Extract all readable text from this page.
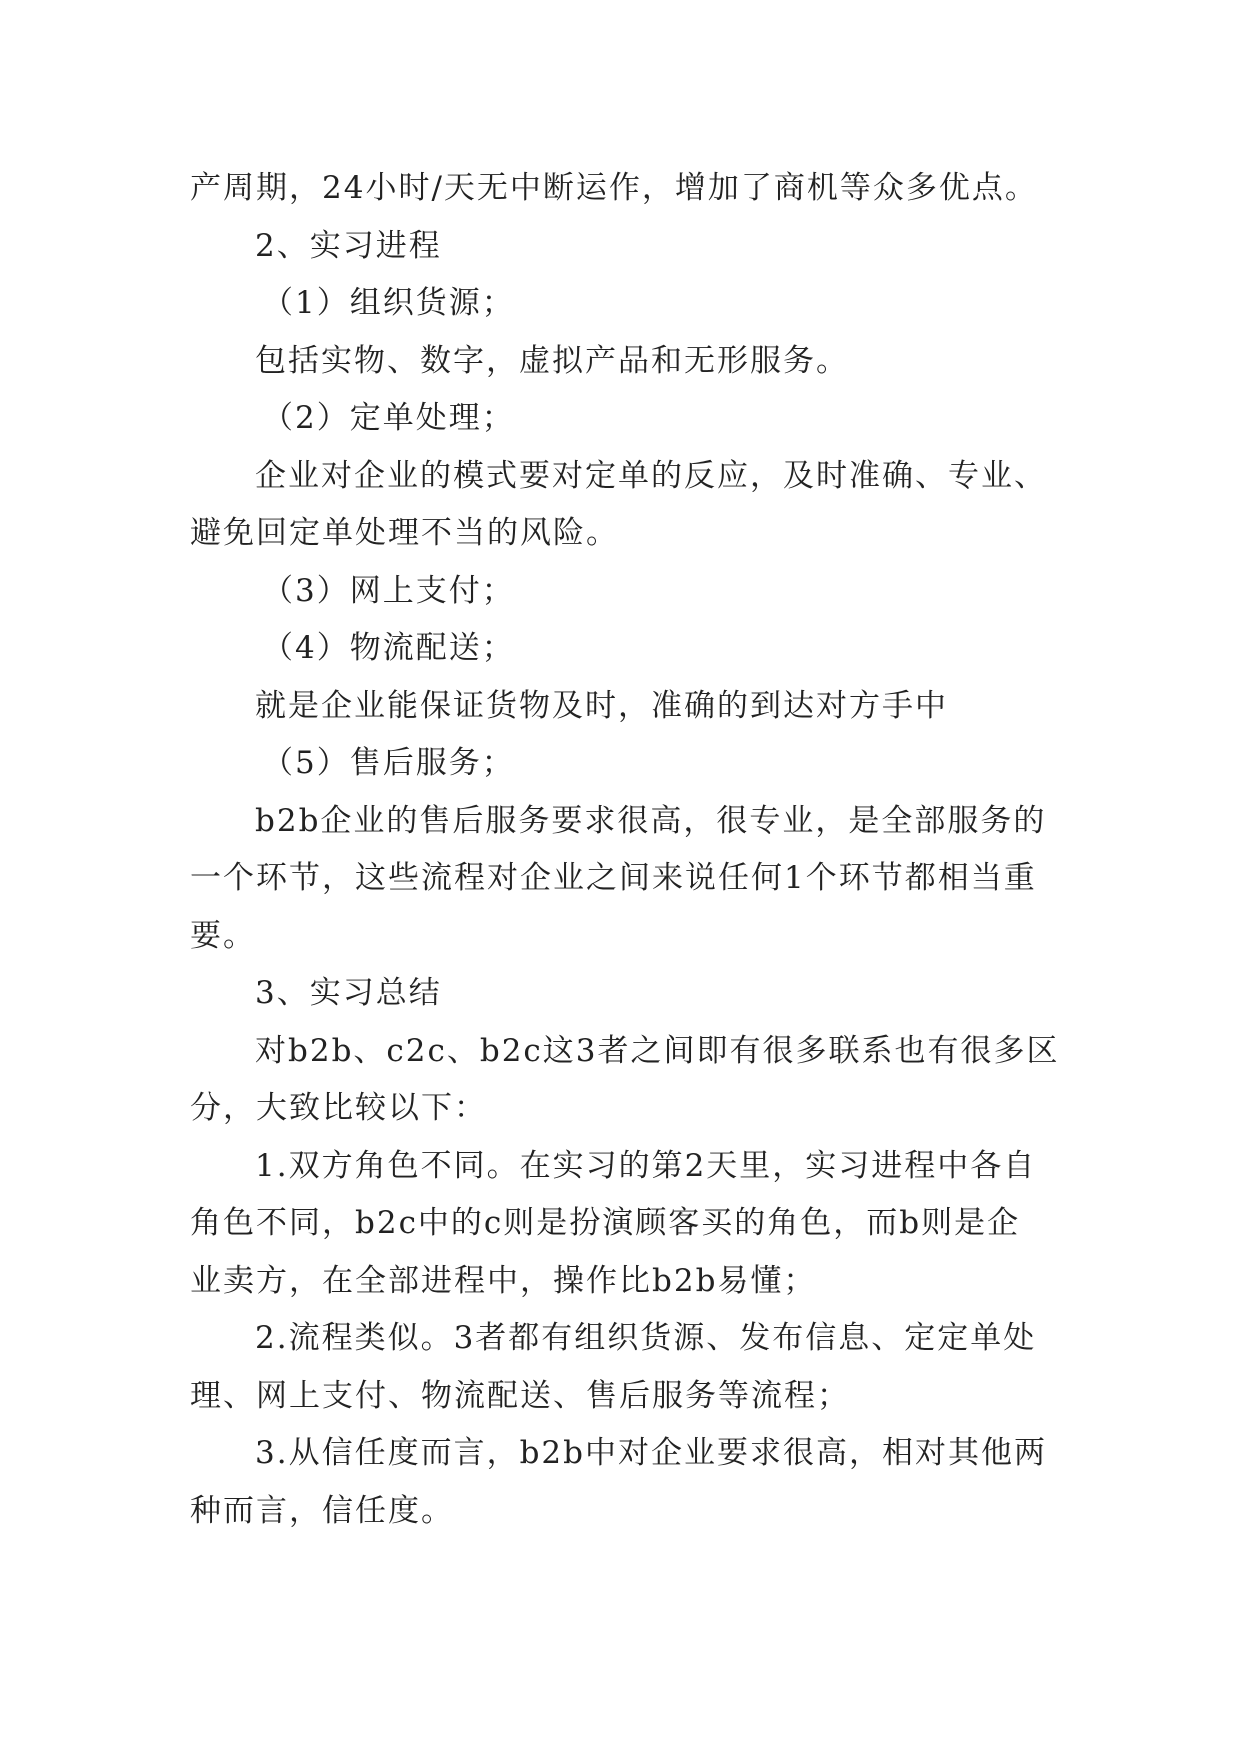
产周期，24小时/天无中断运作，增加了商机等众多优点。
2、实习进程
（1）组织货源；
包括实物、数字，虚拟产品和无形服务。
（2）定单处理；
企业对企业的模式要对定单的反应，及时准确、专业、
避免回定单处理不当的风险。
（3）网上支付；
（4）物流配送；
就是企业能保证货物及时，准确的到达对方手中
（5）售后服务；
b2b企业的售后服务要求很高，很专业，是全部服务的
一个环节，这些流程对企业之间来说任何1个环节都相当重
要。
3、实习总结
对b2b、c2c、b2c这3者之间即有很多联系也有很多区
分，大致比较以下：
1.双方角色不同。在实习的第2天里，实习进程中各自
角色不同，b2c中的c则是扮演顾客买的角色，而b则是企
业卖方，在全部进程中，操作比b2b易懂；
2.流程类似。3者都有组织货源、发布信息、定定单处
理、网上支付、物流配送、售后服务等流程；
3.从信任度而言，b2b中对企业要求很高，相对其他两
种而言，信任度。
